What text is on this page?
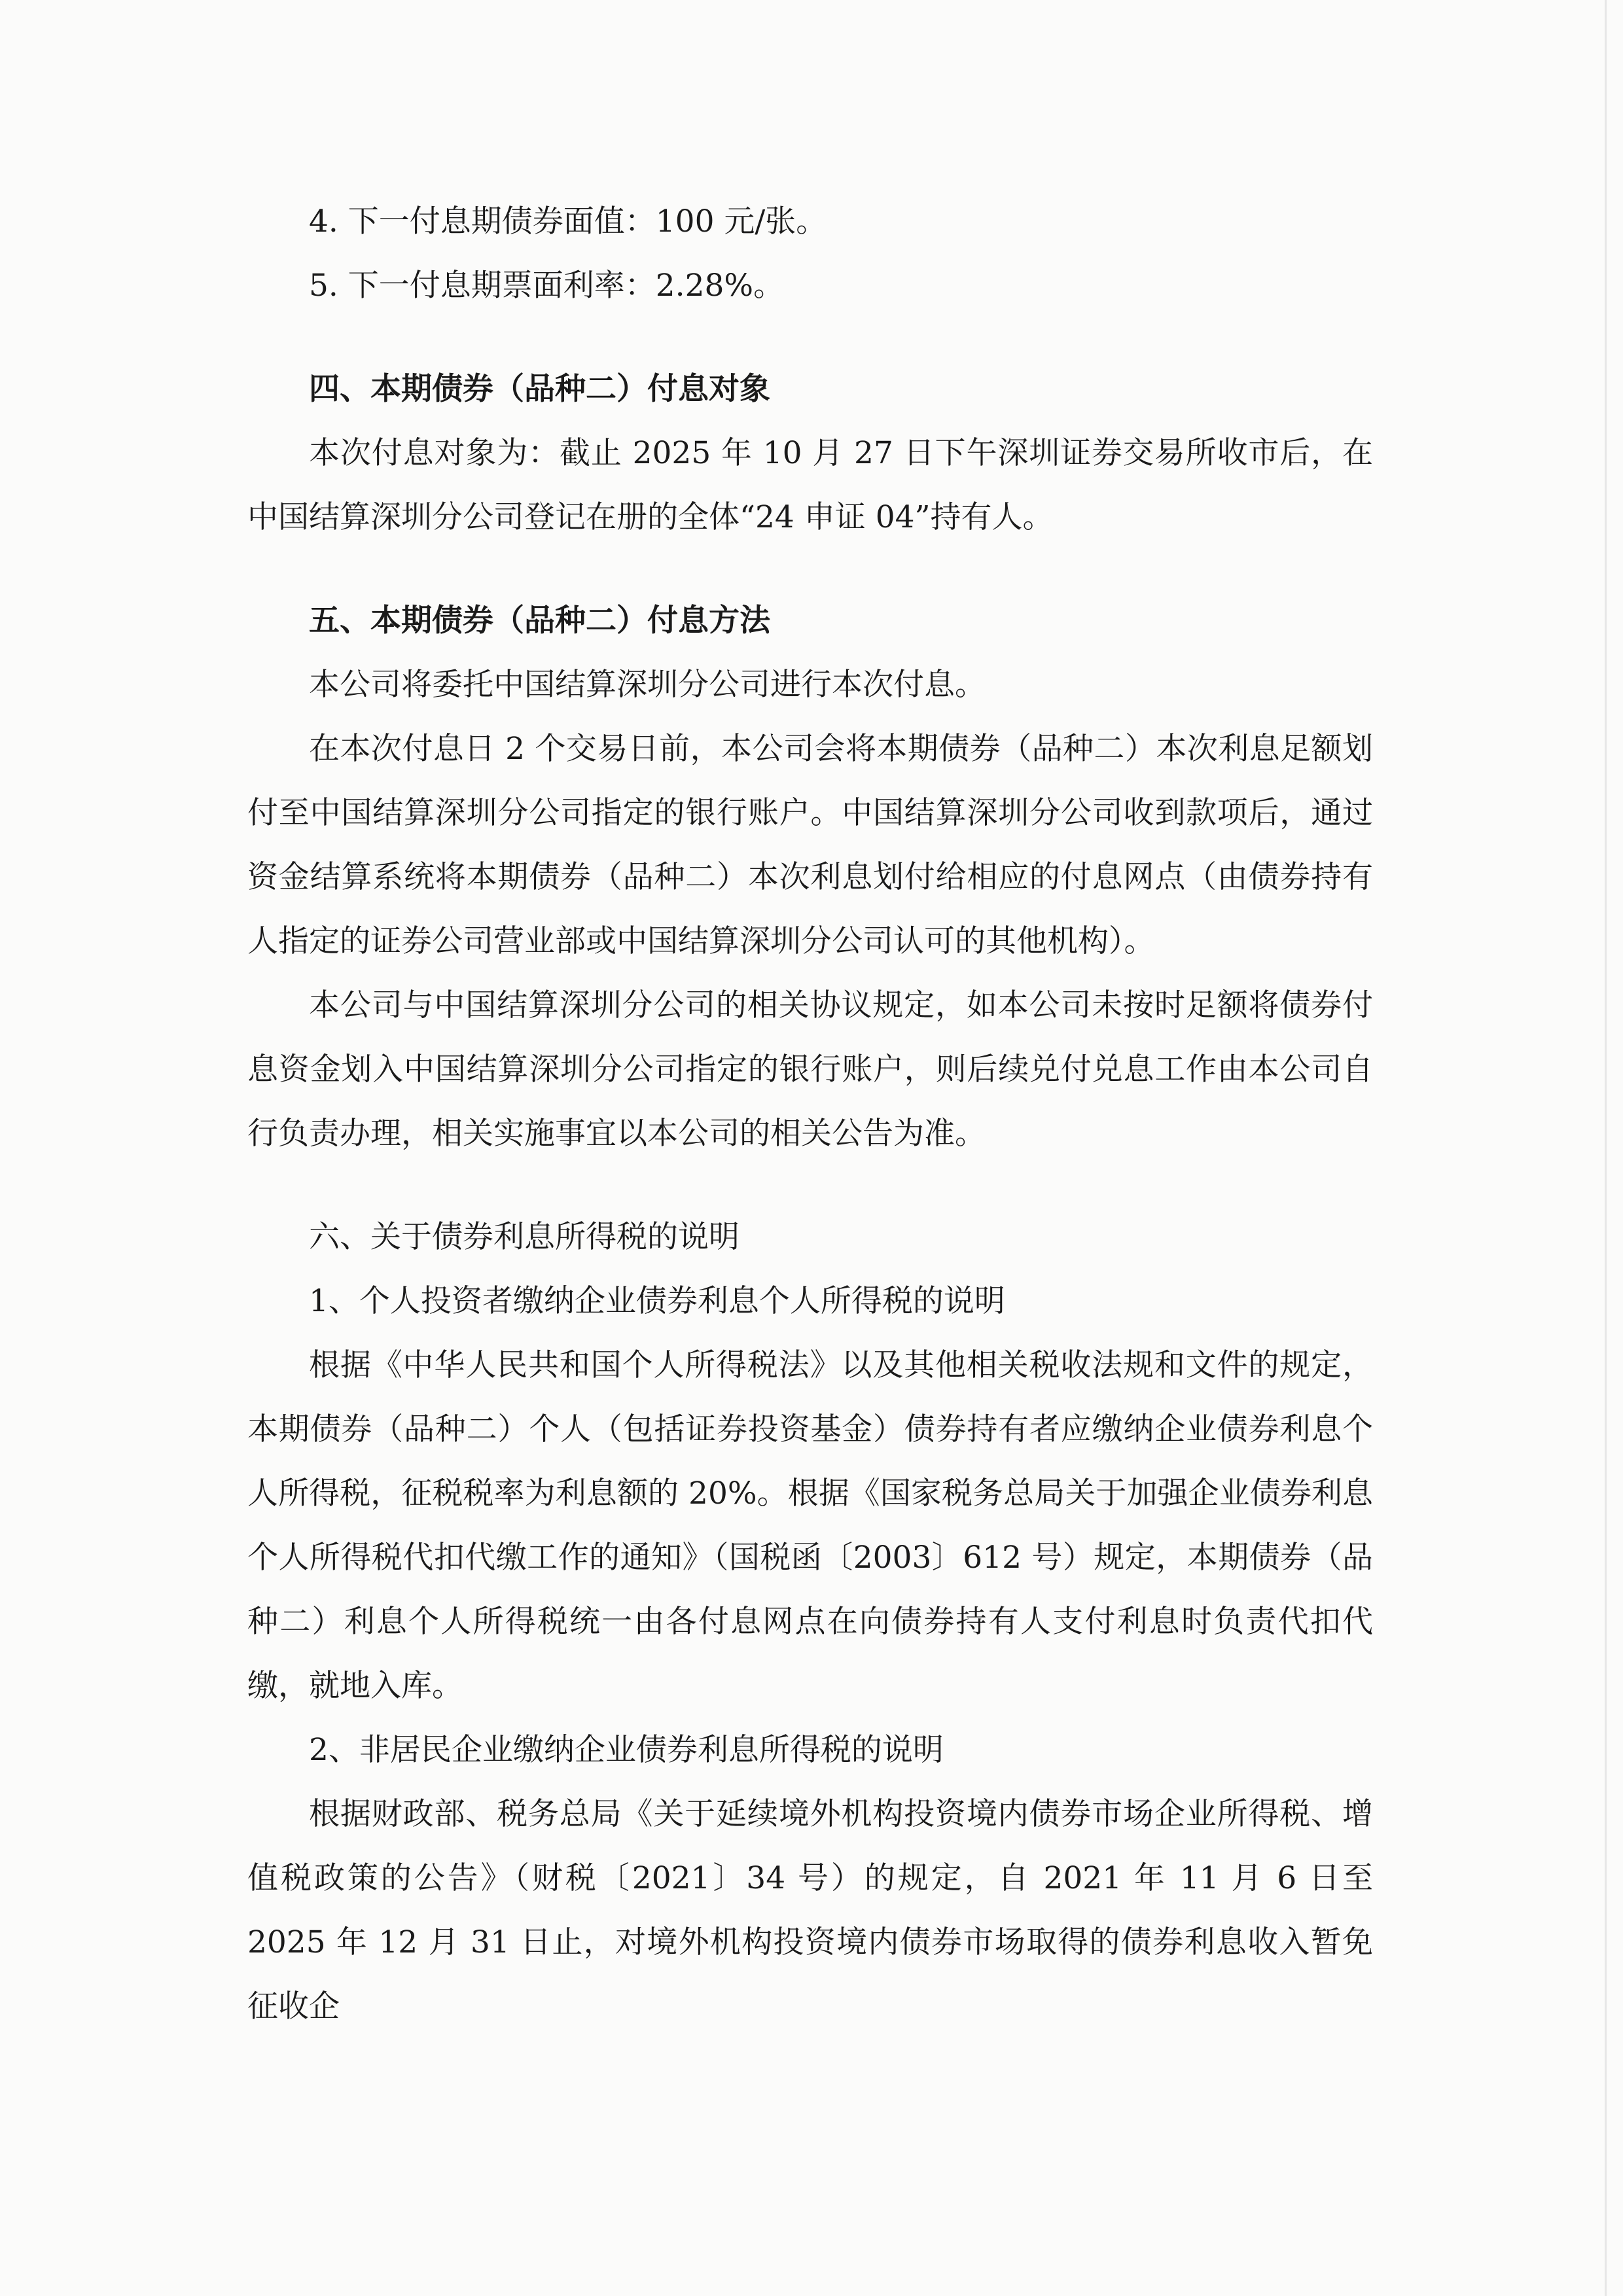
4. 下一付息期债券面值：100 元/张。

5. 下一付息期票面利率：2.28%。

四、本期债券（品种二）付息对象

本次付息对象为：截止 2025 年 10 月 27 日下午深圳证券交易所收市后，在中国结算深圳分公司登记在册的全体“24 申证 04”持有人。

五、本期债券（品种二）付息方法

本公司将委托中国结算深圳分公司进行本次付息。

在本次付息日 2 个交易日前，本公司会将本期债券（品种二）本次利息足额划付至中国结算深圳分公司指定的银行账户。中国结算深圳分公司收到款项后，通过资金结算系统将本期债券（品种二）本次利息划付给相应的付息网点（由债券持有人指定的证券公司营业部或中国结算深圳分公司认可的其他机构）。

本公司与中国结算深圳分公司的相关协议规定，如本公司未按时足额将债券付息资金划入中国结算深圳分公司指定的银行账户，则后续兑付兑息工作由本公司自行负责办理，相关实施事宜以本公司的相关公告为准。

六、关于债券利息所得税的说明

1、个人投资者缴纳企业债券利息个人所得税的说明

根据《中华人民共和国个人所得税法》以及其他相关税收法规和文件的规定，本期债券（品种二）个人（包括证券投资基金）债券持有者应缴纳企业债券利息个人所得税，征税税率为利息额的 20%。根据《国家税务总局关于加强企业债券利息个人所得税代扣代缴工作的通知》（国税函〔2003〕612 号）规定，本期债券（品种二）利息个人所得税统一由各付息网点在向债券持有人支付利息时负责代扣代缴，就地入库。

2、非居民企业缴纳企业债券利息所得税的说明

根据财政部、税务总局《关于延续境外机构投资境内债券市场企业所得税、增值税政策的公告》（财税〔2021〕34 号）的规定，自 2021 年 11 月 6 日至 2025 年 12 月 31 日止，对境外机构投资境内债券市场取得的债券利息收入暂免征收企
